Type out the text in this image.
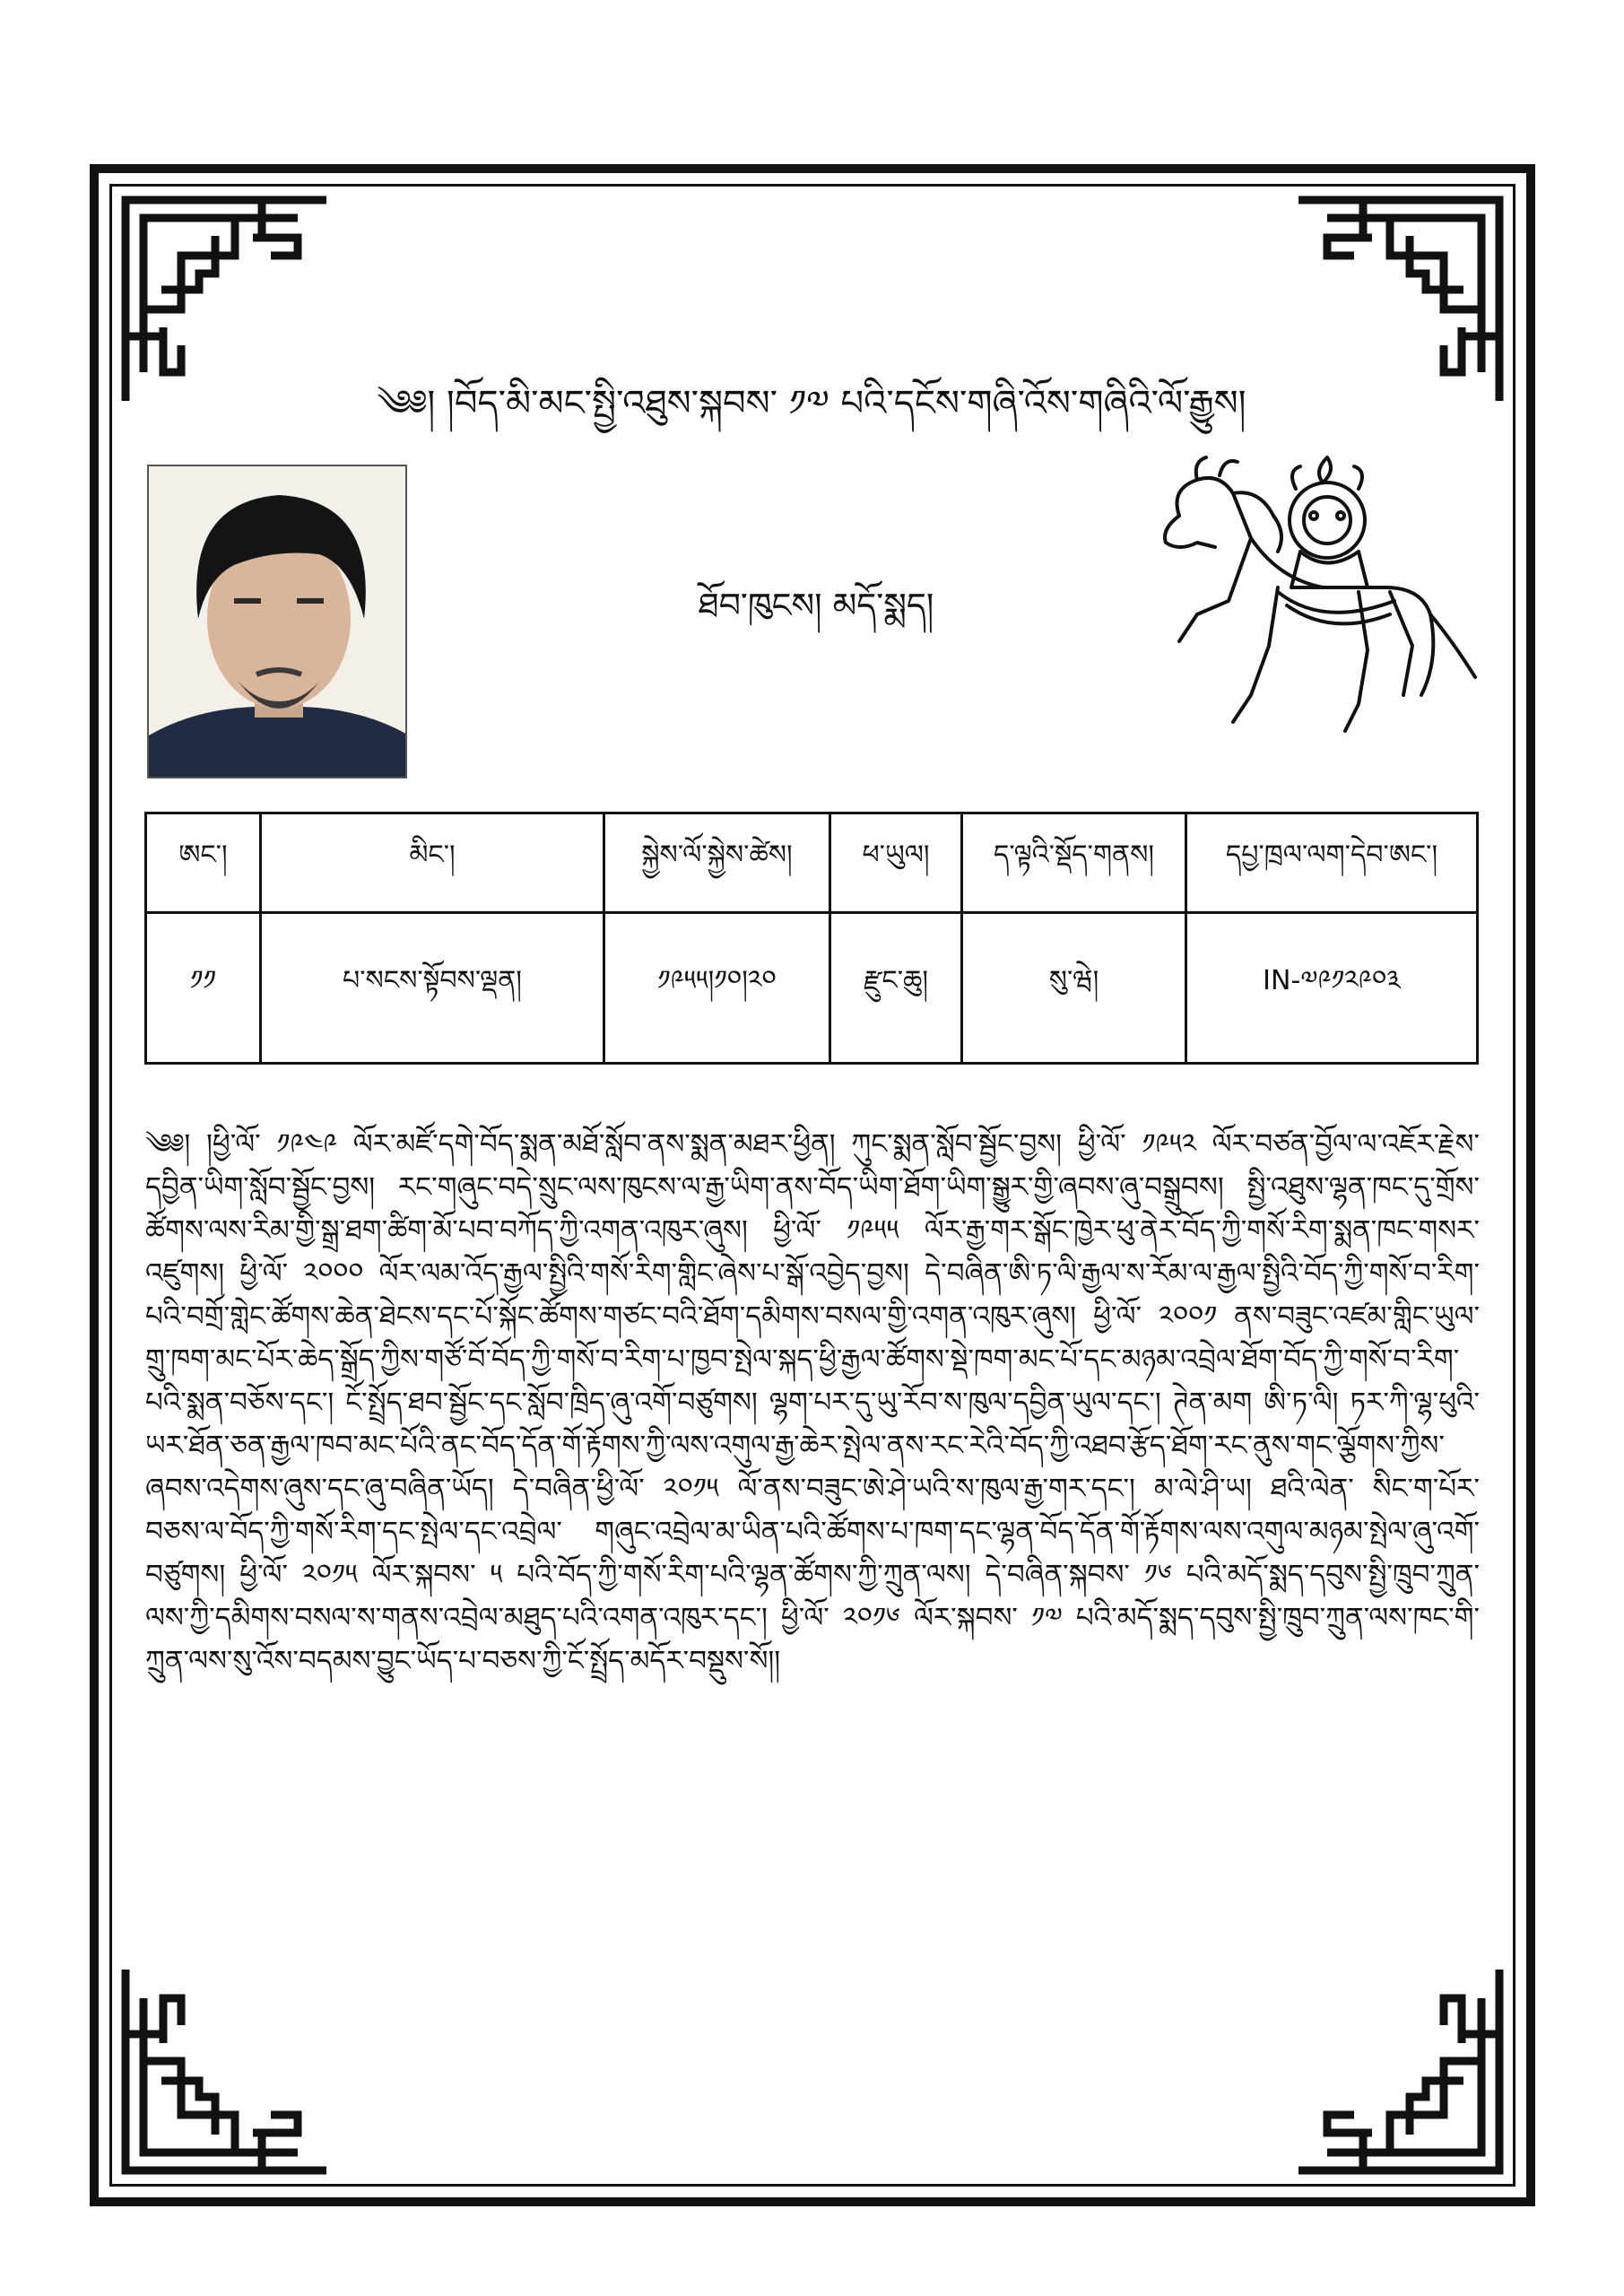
༄༅། །བོད་མི་མང་སྤྱི་འཐུས་སྐབས་ ༡༧ པའི་དངོས་གཞི་འོས་གཞིའི་ལོ་རྒྱུས།
ཐོབ་ཁུངས། མདོ་སྨད།
ཨང་།	མིང་།	སྐྱེས་ལོ་སྐྱེས་ཚེས།	ཕ་ཡུལ།	ད་ལྟའི་སྡོད་གནས།	དཔྱ་ཁྲལ་ལག་དེབ་ཨང་།
༡༡	པ་སངས་སྟོབས་ལྡན།	༡༩༥༥།༡༠།༢༠	རྫུང་ཆུ།	སུ་ཝེ།	IN-༧༩༡༢༩༠༣
༄༅། །ཕྱི་ལོ་ ༡༩༤༩ ལོར་མཛོ་དགེ་བོད་སྨན་མཐོ་སློབ་ནས་སྨན་མཐར་ཕྱིན། ཀུང་སྨན་སློབ་སྦྱོང་བྱས། ཕྱི་ལོ་ ༡༩༥༢ ལོར་བཙན་བྱོལ་ལ་འཇོར་རྗེས་དབྱིན་ཡིག་སློབ་སྦྱོང་བྱས། རང་གཞུང་བདེ་སྲུང་ལས་ཁུངས་ལ་རྒྱ་ཡིག་ནས་བོད་ཡིག་ཐོག་ཡིག་སྒྱུར་གྱི་ཞབས་ཞུ་བསྒྲུབས། སྤྱི་འཐུས་ལྷན་ཁང་དུ་གྲོས་ཚོགས་ལས་རིམ་གྱི་སྒྲ་ཐག་ཚིག་མོ་པབ་བཀོད་ཀྱི་འགན་འཁུར་ཞུས། ཕྱི་ལོ་ ༡༩༥༥ ལོར་རྒྱ་གར་སྒོང་ཁྱེར་ཕུ་ནེར་བོད་ཀྱི་གསོ་རིག་སྨན་ཁང་གསར་འཛུགས། ཕྱི་ལོ་ ༢༠༠༠ ལོར་ལམ་འོད་རྒྱལ་སྤྱིའི་གསོ་རིག་གླིང་ཞེས་པ་སྒོ་འབྱེད་བྱས། དེ་བཞིན་ཨི་ཏ་ལི་རྒྱལ་ས་རོམ་ལ་རྒྱལ་སྤྱིའི་བོད་ཀྱི་གསོ་བ་རིག་པའི་བགྲོ་གླེང་ཚོགས་ཆེན་ཐེངས་དང་པོ་སྐོང་ཚོགས་གཙང་བའི་ཐོག་དམིགས་བསལ་གྱི་འགན་འཁུར་ཞུས། ཕྱི་ལོ་ ༢༠༠༡ ནས་བཟུང་འཛམ་གླིང་ཡུལ་གྲུ་ཁག་མང་པོར་ཆེད་སྒྲོད་ཀྱིས་གཙོ་བོ་བོད་ཀྱི་གསོ་བ་རིག་པ་ཁྱབ་སྤེལ་སྐད་ཕྱི་རྒྱལ་ཚོགས་སྡེ་ཁག་མང་པོ་དང་མཉམ་འབྲེལ་ཐོག་བོད་ཀྱི་གསོ་བ་རིག་པའི་སྨན་བཅོས་དང་། ངོ་སྤྲོད་ཐབ་སྦྱོང་དང་སློབ་ཁྲིད་ཞུ་འགོ་བཙུགས། ལྷག་པར་དུ་ཡུ་རོབ་ས་ཁུལ་དབྱིན་ཡུལ་དང་། ཊེན་མག ཨི་ཏ་ལི། ཏར་ཀི་ལྷ་ཕུའི་ཡར་ཐོན་ཅན་རྒྱལ་ཁབ་མང་པོའི་ནང་བོད་དོན་གོ་རྟོགས་ཀྱི་ལས་འགུལ་རྒྱ་ཆེར་སྤེལ་ནས་རང་རེའི་བོད་ཀྱི་འཐབ་རྩོད་ཐོག་རང་ནུས་གང་ལྕོགས་ཀྱིས་ཞབས་འདེགས་ཞུས་དང་ཞུ་བཞིན་ཡོད། དེ་བཞིན་ཕྱི་ལོ་ ༢༠༡༥ ལོ་ནས་བཟུང་ཨེ་ཤེ་ཡའི་ས་ཁུལ་རྒྱ་གར་དང་། མ་ལེ་ཤི་ཡ། ཐའི་ལེན་ སིང་ག་པོར་བཅས་ལ་བོད་ཀྱི་གསོ་རིག་དང་སྤེལ་དང་འབྲེལ་ གཞུང་འབྲེལ་མ་ཡིན་པའི་ཚོགས་པ་ཁག་དང་ལྷན་བོད་དོན་གོ་རྟོགས་ལས་འགུལ་མཉམ་སྤེལ་ཞུ་འགོ་བཙུགས། ཕྱི་ལོ་ ༢༠༡༥ ལོར་སྐབས་ ༥ པའི་བོད་ཀྱི་གསོ་རིག་པའི་ལྷན་ཚོགས་ཀྱི་ཀྲུན་ལས། དེ་བཞིན་སྐབས་ ༡༦ པའི་མདོ་སྨད་དབུས་སྤྱི་ཁྲུབ་ཀྲུན་ལས་ཀྱི་དམིགས་བསལ་ས་གནས་འབྲེལ་མཐུད་པའི་འགན་འཁུར་དང་། ཕྱི་ལོ་ ༢༠༡༦ ལོར་སྐབས་ ༡༧ པའི་མདོ་སྨད་དབུས་སྤྱི་ཁྲུབ་ཀྲུན་ལས་ཁང་གི་ཀྲུན་ལས་སུ་འོས་བདམས་བྱུང་ཡོད་པ་བཅས་ཀྱི་ངོ་སྤྲོད་མདོར་བསྡུས་སོ།།
